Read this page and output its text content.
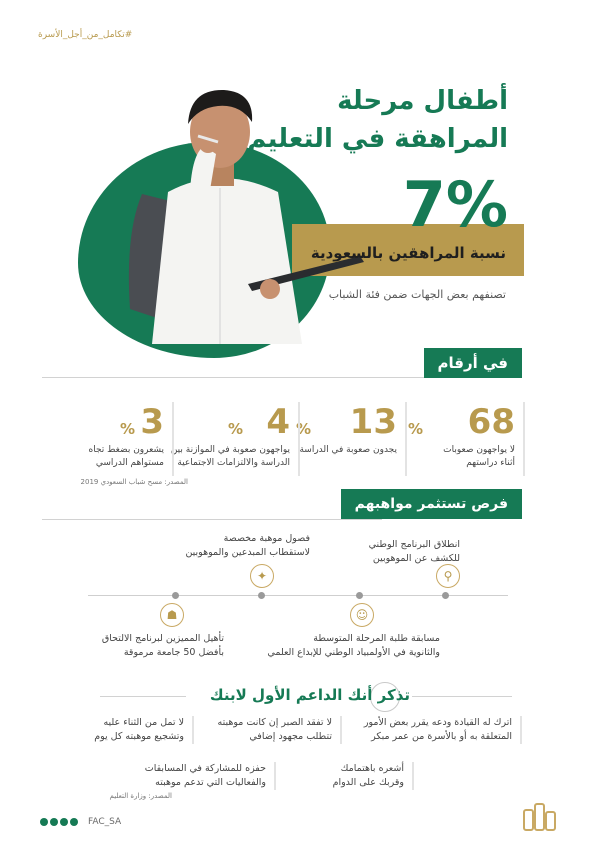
#تكامل_من_أجل_الأسرة
أطفال مرحلة
المراهقة في التعليم
7%
نسبة المراهقين بالسعودية
تصنفهم بعض الجهات ضمن فئة الشباب
في أرقام
68
%
لا يواجهون صعوبات
أثناء دراستهم
13
%
يجدون صعوبة في الدراسة

4
%
يواجهون صعوبة في الموازنة بين
الدراسة والالتزامات الاجتماعية
3
%
يشعرون بضغط تجاه
مستواهم الدراسي
المصدر: مسح شباب السعودي 2019
فرص تستثمر مواهبهم
انطلاق البرنامج الوطني
للكشف عن الموهوبين
⚲
فصول موهبة مخصصة
لاستقطاب المبدعين والموهوبين
✦
☺
مسابقة طلبة المرحلة المتوسطة
والثانوية في الأولمبياد الوطني للإبداع العلمي
☗
تأهيل المميزين لبرنامج الالتحاق
بأفضل 50 جامعة مرموقة
تذكر أنك الداعم الأول لابنك
اترك له القيادة ودعه يقرر بعض الأمور
المتعلقة به أو بالأسرة من عمر مبكر
لا تفقد الصبر إن كانت موهبته
تتطلب مجهود إضافي
لا تمل من الثناء عليه
وتشجيع موهبته كل يوم
أشعره باهتمامك
وقربك على الدوام
حفزه للمشاركة في المسابقات
والفعاليات التي تدعم موهبته
المصدر: وزارة التعليم
FAC_SA
